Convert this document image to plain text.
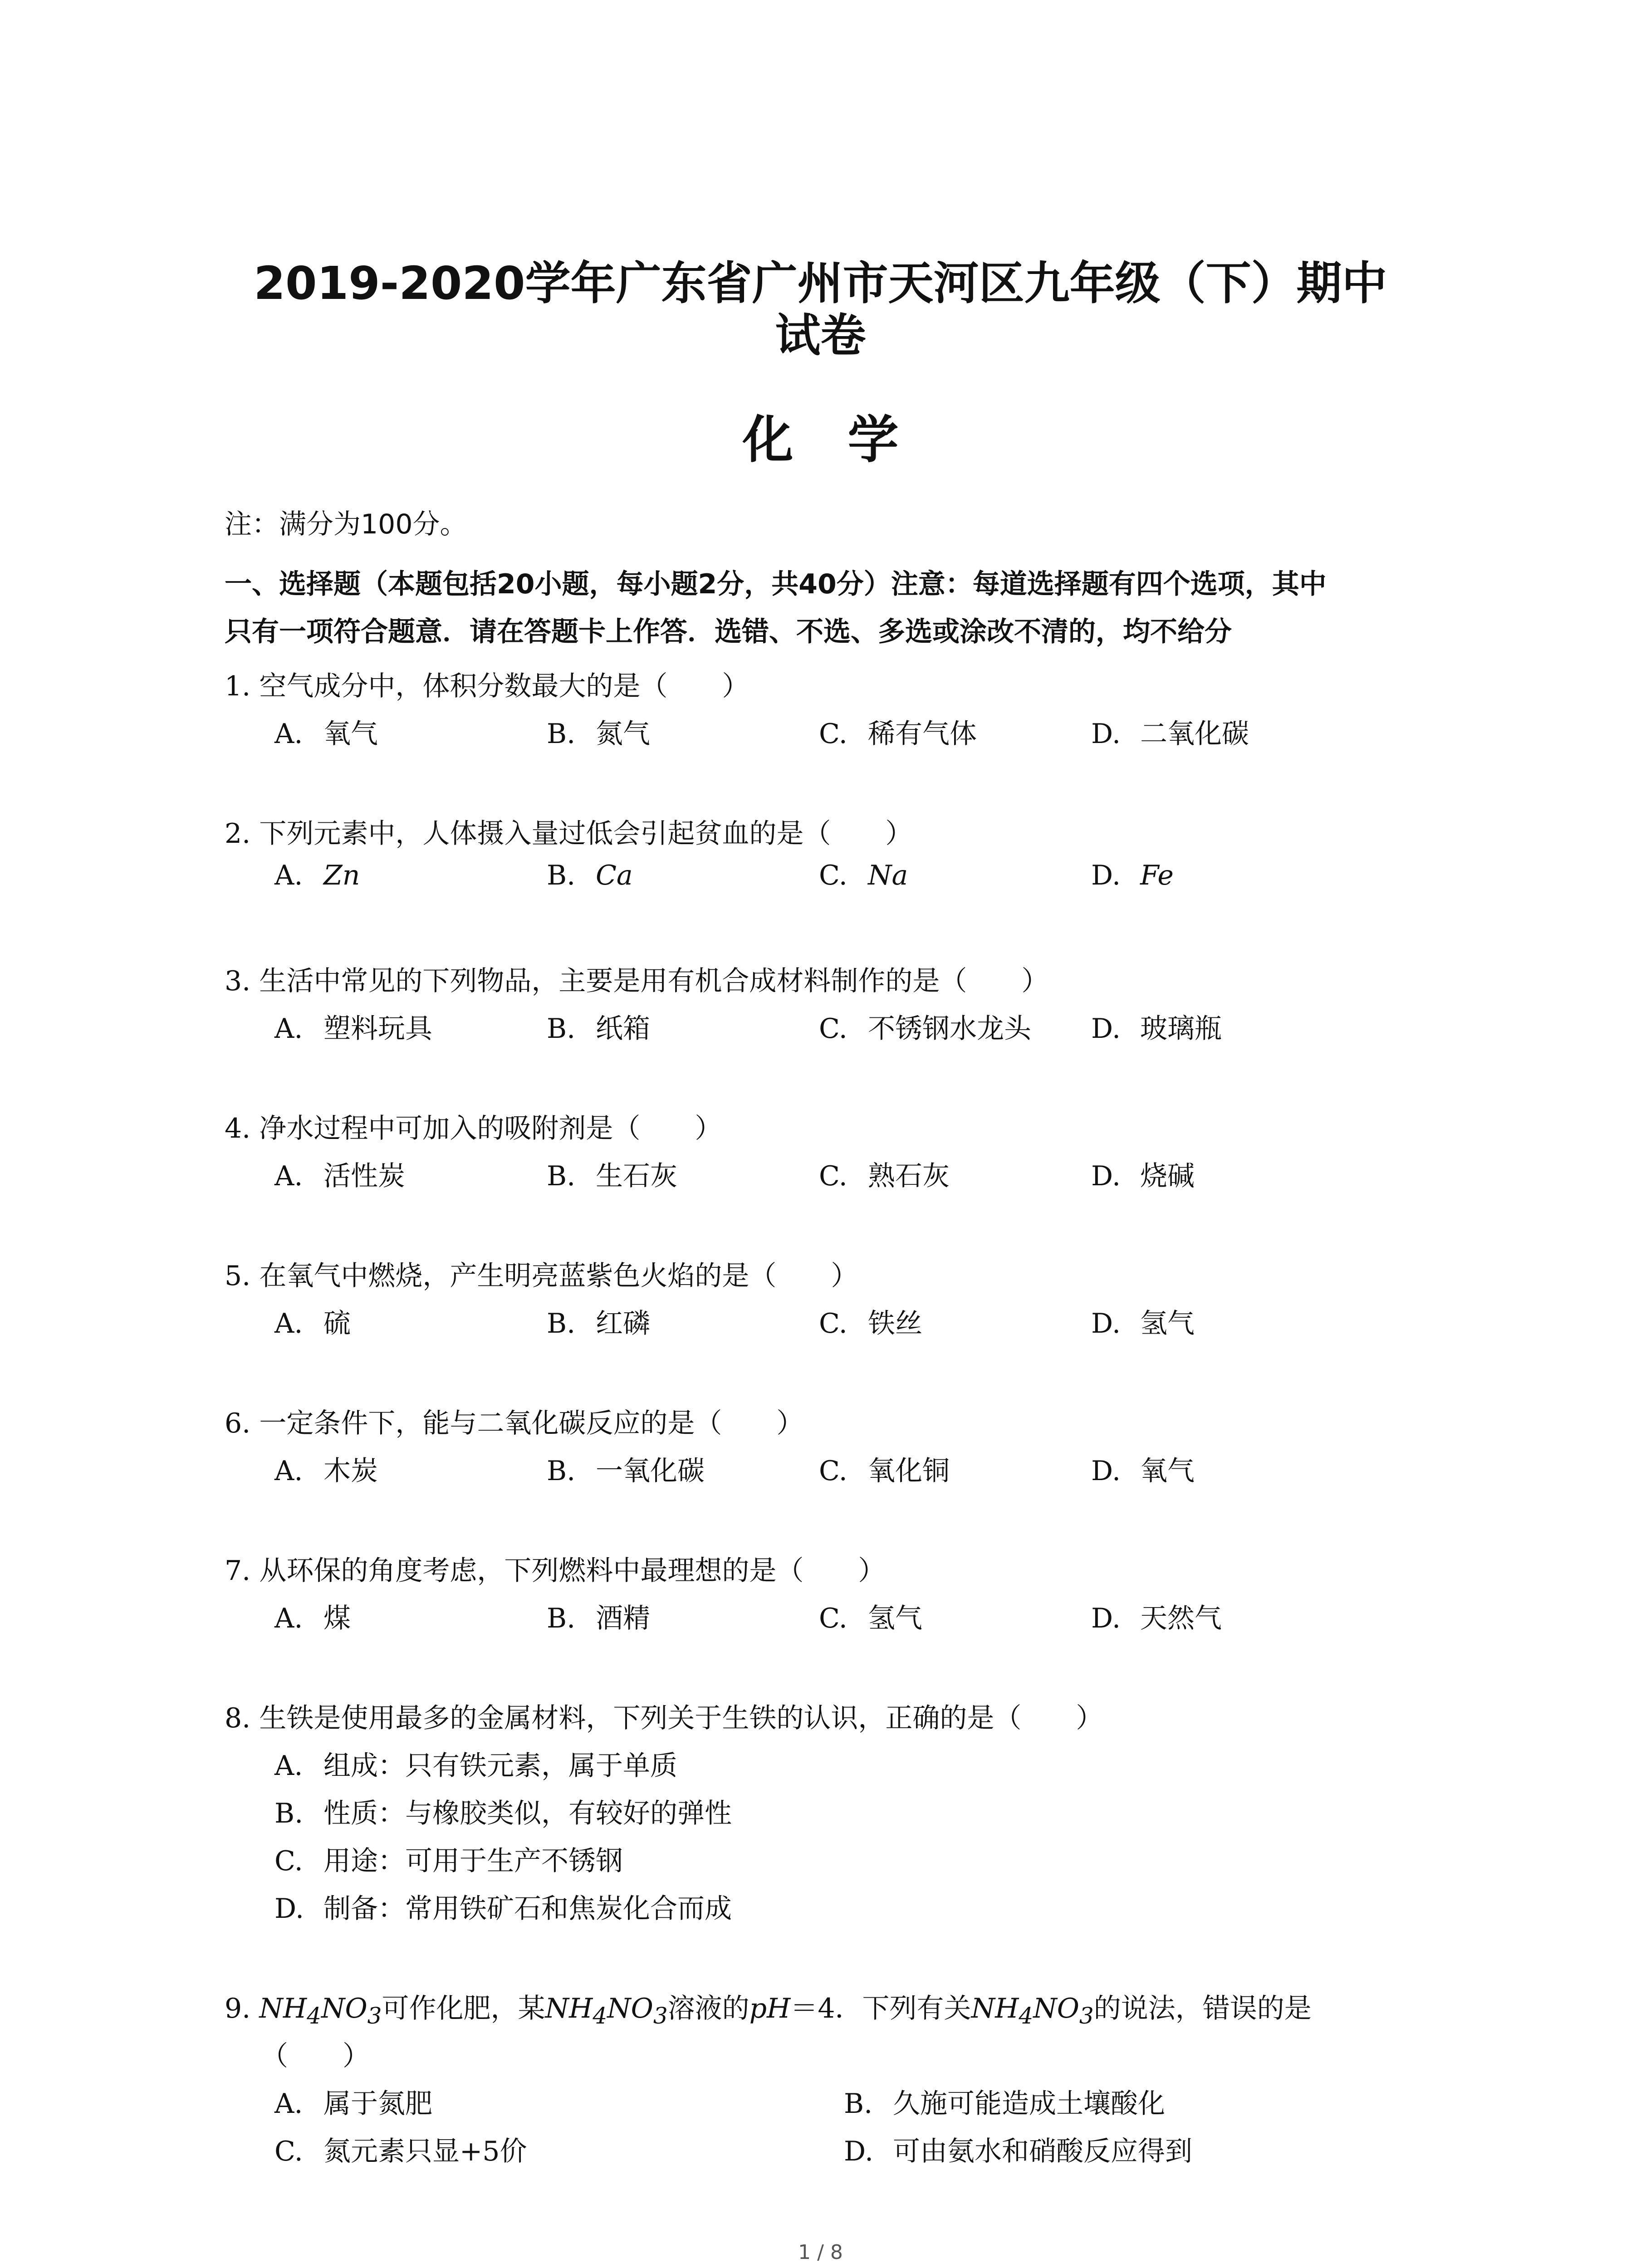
2019-2020学年广东省广州市天河区九年级（下）期中
试卷
化学
注：满分为100分。
一、选择题（本题包括20小题，每小题2分，共40分）注意：每道选择题有四个选项，其中
只有一项符合题意．请在答题卡上作答．选错、不选、多选或涂改不清的，均不给分
1. 空气成分中，体积分数最大的是（　　）
A. 氧气	B. 氮气	C. 稀有气体	D. 二氧化碳
2. 下列元素中，人体摄入量过低会引起贫血的是（　　）
A. Zn	B. Ca	C. Na	D. Fe
3. 生活中常见的下列物品，主要是用有机合成材料制作的是（　　）
A. 塑料玩具	B. 纸箱	C. 不锈钢水龙头 D. 玻璃瓶
4. 净水过程中可加入的吸附剂是（　　）
A. 活性炭	B. 生石灰	C. 熟石灰	D. 烧碱
5. 在氧气中燃烧，产生明亮蓝紫色火焰的是（　　）
A. 硫	B. 红磷	C. 铁丝	D. 氢气
6. 一定条件下，能与二氧化碳反应的是（　　）
A. 木炭	B. 一氧化碳	C. 氧化铜	D. 氧气
7. 从环保的角度考虑，下列燃料中最理想的是（　　）
A. 煤	B. 酒精	C. 氢气	D. 天然气
8. 生铁是使用最多的金属材料，下列关于生铁的认识，正确的是（　　）
A. 组成：只有铁元素，属于单质
B. 性质：与橡胶类似，有较好的弹性
C. 用途：可用于生产不锈钢
D. 制备：常用铁矿石和焦炭化合而成
9. $NH_4NO_3$可作化肥，某$NH_4NO_3$溶液的pH＝4．下列有关$NH_4NO_3$的说法，错误的是
（　　）
A. 属于氮肥	B. 久施可能造成土壤酸化
C. 氮元素只显+5价	D. 可由氨水和硝酸反应得到
1 / 8
